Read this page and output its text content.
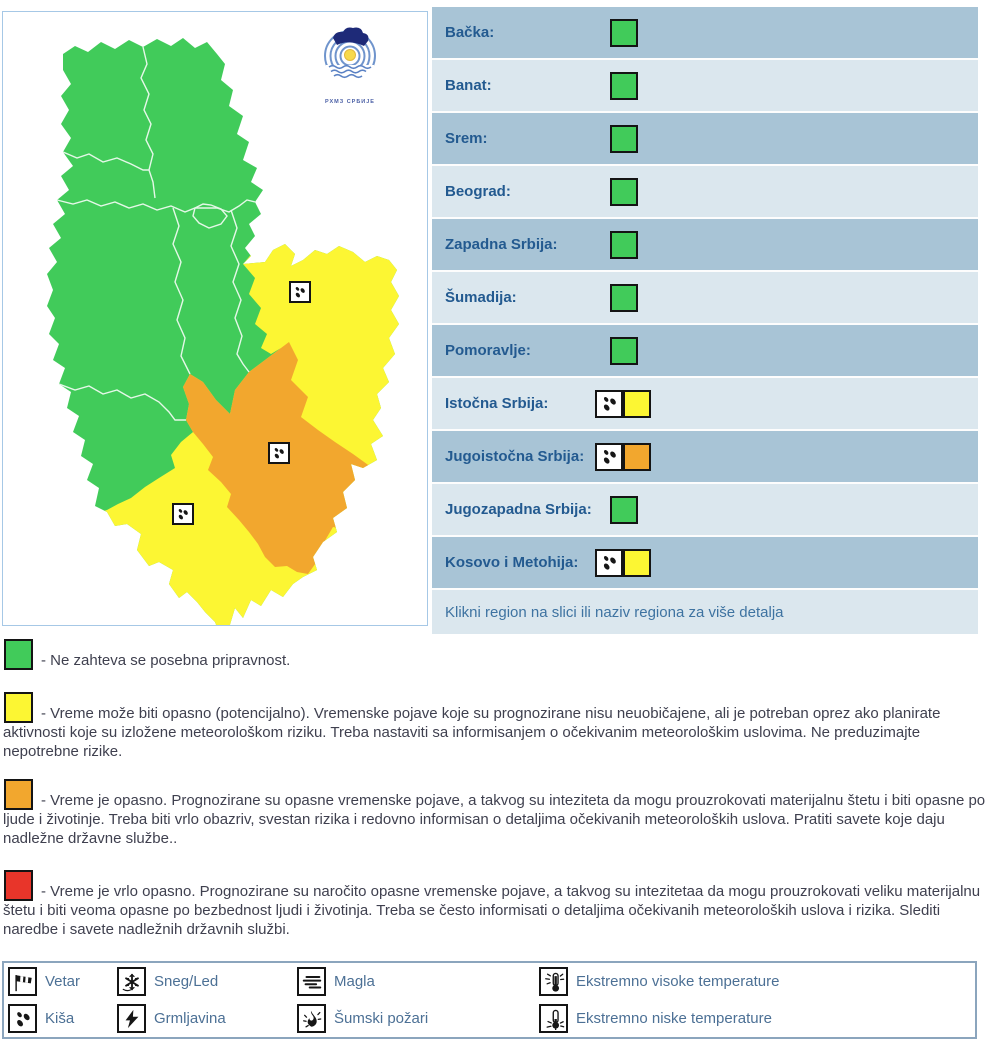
РХМЗ СРБИЈЕ
Bačka:
Banat:
Srem:
Beograd:
Zapadna Srbija:
Šumadija:
Pomoravlje:
Istočna Srbija:
Jugoistočna Srbija:
Jugozapadna Srbija:
Kosovo i Metohija:
Klikni region na slici ili naziv regiona za više detalja
- Ne zahteva se posebna pripravnost.
- Vreme može biti opasno (potencijalno). Vremenske pojave koje su prognozirane nisu neuobičajene, ali je potreban oprez ako planirate aktivnosti koje su izložene meteorološkom riziku. Treba nastaviti sa informisanjem o očekivanim meteorološkim uslovima. Ne preduzimajte nepotrebne rizike.
- Vreme je opasno. Prognozirane su opasne vremenske pojave, a takvog su inteziteta da mogu prouzrokovati materijalnu štetu i biti opasne po ljude i životinje. Treba biti vrlo obazriv, svestan rizika i redovno informisan o detaljima očekivanih meteoroloških uslova. Pratiti savete koje daju nadležne državne službe..
- Vreme je vrlo opasno. Prognozirane su naročito opasne vremenske pojave, a takvog su intezitetaa da mogu prouzrokovati veliku materijalnu štetu i biti veoma opasne po bezbednost ljudi i životinja. Treba se često informisati o detaljima očekivanih meteoroloških uslova i rizika. Slediti naredbe i savete nadležnih državnih službi.
Vetar	Sneg/Led	Magla	Ekstremno visoke temperature
Kiša	Grmljavina	Šumski požari	Ekstremno niske temperature
